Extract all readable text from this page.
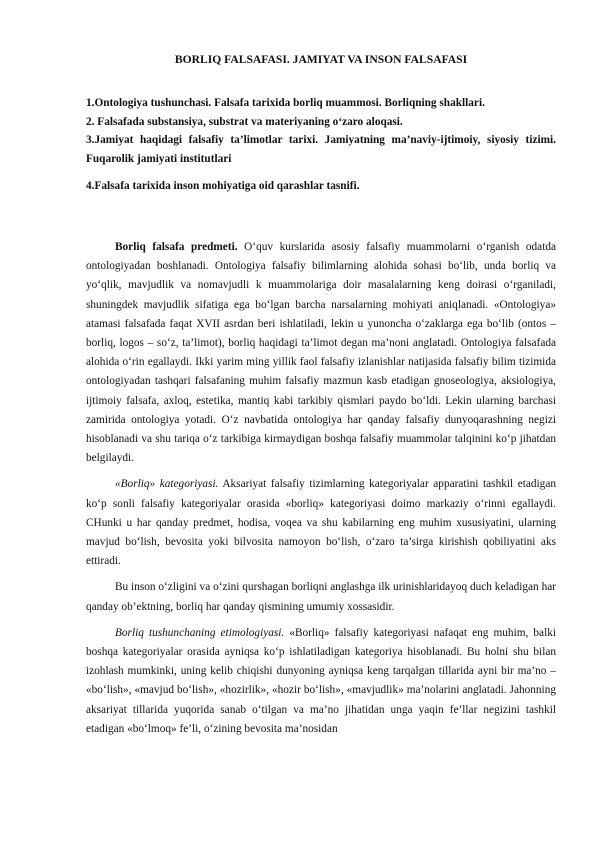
BORLIQ FALSAFASI. JAMIYAT VA INSON FALSAFASI

1.Ontologiya tushunchasi. Falsafa tarixida borliq muammosi. Borliqning shakllari.

2. Falsafada substansiya, substrat va materiyaning o‘zaro aloqasi.

3.Jamiyat haqidagi falsafiy ta’limotlar tarixi. Jamiyatning ma’naviy-ijtimoiy, siyosiy tizimi. Fuqarolik jamiyati institutlari

4.Falsafa tarixida inson mohiyatiga oid qarashlar tasnifi.

Borliq falsafa predmeti. O‘quv kurslarida asosiy falsafiy muammolarni o‘rganish odatda ontologiyadan boshlanadi. Ontologiya falsafiy bilimlarning alohida sohasi bo‘lib, unda borliq va yo‘qlik, mavjudlik va nomavjudli k muammolariga doir masalalarning keng doirasi o‘rganiladi, shuningdek mavjudlik sifatiga ega bo‘lgan barcha narsalarning mohiyati aniqlanadi. «Ontologiya» atamasi falsafada faqat XVII asrdan beri ishlatiladi, lekin u yunoncha o‘zaklarga ega bo‘lib (ontos – borliq, logos – so‘z, ta’limot), borliq haqidagi ta’limot degan ma’noni anglatadi. Ontologiya falsafada alohida o‘rin egallaydi. Ikki yarim ming yillik faol falsafiy izlanishlar natijasida falsafiy bilim tizimida ontologiyadan tashqari falsafaning muhim falsafiy mazmun kasb etadigan gnoseologiya, aksiologiya, ijtimoiy falsafa, axloq, estetika, mantiq kabi tarkibiy qismlari paydo bo‘ldi. Lekin ularning barchasi zamirida ontologiya yotadi. O‘z navbatida ontologiya har qanday falsafiy dunyoqarashning negizi hisoblanadi va shu tariqa o‘z tarkibiga kirmaydigan boshqa falsafiy muammolar talqinini ko‘p jihatdan belgilaydi.

«Borliq» kategoriyasi. Aksariyat falsafiy tizimlarning kategoriyalar apparatini tashkil etadigan ko‘p sonli falsafiy kategoriyalar orasida «borliq» kategoriyasi doimo markaziy o‘rinni egallaydi. CHunki u har qanday predmet, hodisa, voqea va shu kabilarning eng muhim xususiyatini, ularning mavjud bo‘lish, bevosita yoki bilvosita namoyon bo‘lish, o‘zaro ta’sirga kirishish qobiliyatini aks ettiradi.

Bu inson o‘zligini va o‘zini qurshagan borliqni anglashga ilk urinishlaridayoq duch keladigan har qanday ob’ektning, borliq har qanday qismining umumiy xossasidir.

Borliq tushunchaning etimologiyasi. «Borliq» falsafiy kategoriyasi nafaqat eng muhim, balki boshqa kategoriyalar orasida ayniqsa ko‘p ishlatiladigan kategoriya hisoblanadi. Bu holni shu bilan izohlash mumkinki, uning kelib chiqishi dunyoning ayniqsa keng tarqalgan tillarida ayni bir ma’no – «bo‘lish», «mavjud bo‘lish», «hozirlik», «hozir bo‘lish», «mavjudlik» ma’nolarini anglatadi. Jahonning aksariyat tillarida yuqorida sanab o‘tilgan va ma’no jihatidan unga yaqin fe’llar negizini tashkil etadigan «bo‘lmoq» fe’li, o‘zining bevosita ma’nosidan
